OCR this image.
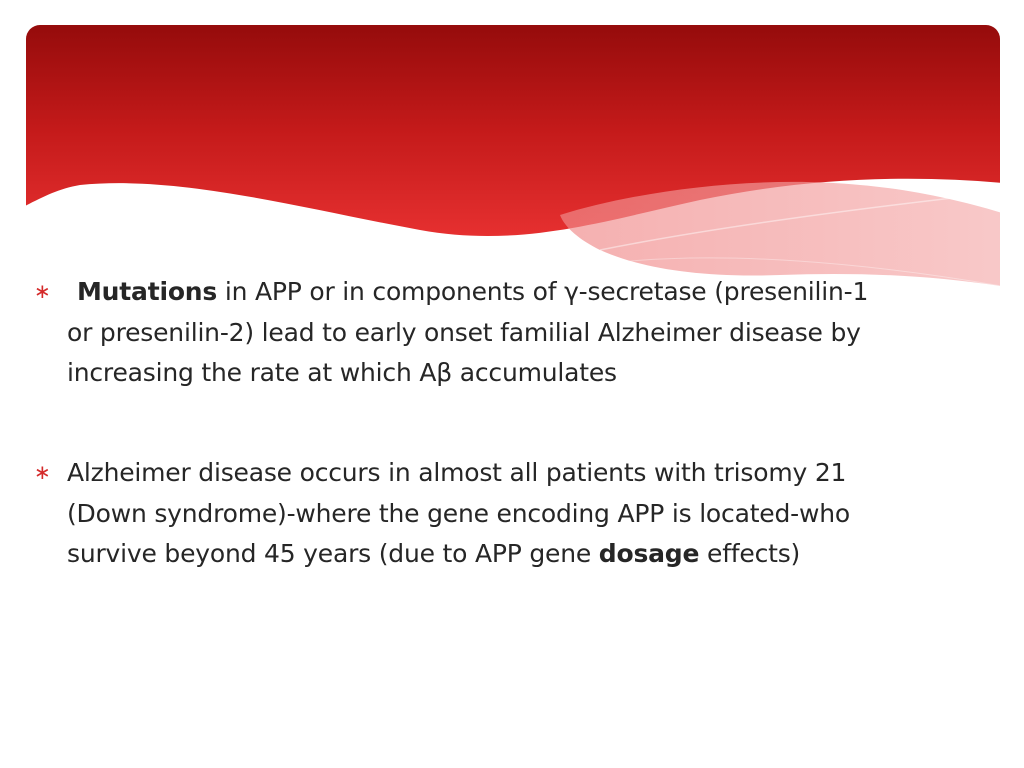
∗	Mutations in APP or in components of γ-secretase (presenilin-1
or presenilin-2) lead to early onset familial Alzheimer disease by
increasing the rate at which Aβ accumulates
∗ Alzheimer disease occurs in almost all patients with trisomy 21
(Down syndrome)-where the gene encoding APP is located-who
survive beyond 45 years (due to APP gene dosage effects)
